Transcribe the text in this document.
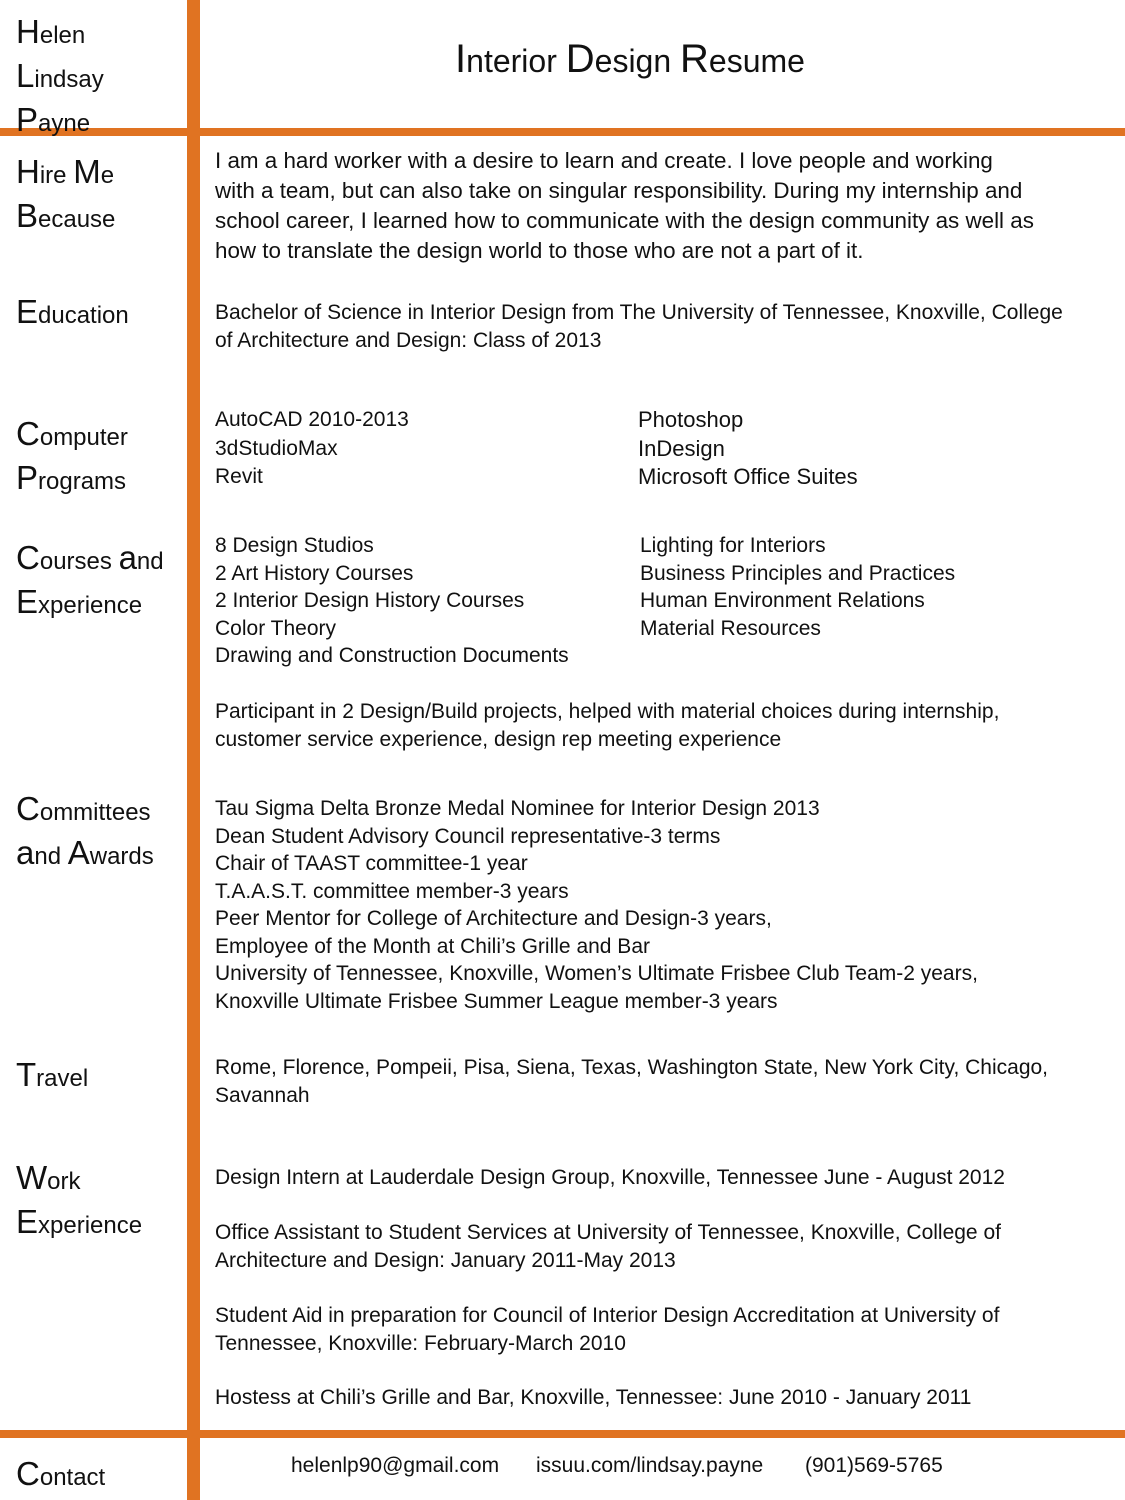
Helen
Lindsay
Payne
Interior Design Resume
Hire Me
Because
Education
Computer
Programs
Courses and
Experience
Committees
and Awards
Travel
Work
Experience
Contact
I am a hard worker with a desire to learn and create. I love people and working
with a team, but can also take on singular responsibility. During my internship and
school career, I learned how to communicate with the design community as well as
how to translate the design world to those who are not a part of it.
Bachelor of Science in Interior Design from The University of Tennessee, Knoxville, College
of Architecture and Design: Class of 2013
AutoCAD 2010-2013
3dStudioMax
Revit
Photoshop
InDesign
Microsoft Office Suites
8 Design Studios
2 Art History Courses
2 Interior Design History Courses
Color Theory
Drawing and Construction Documents
Lighting for Interiors
Business Principles and Practices
Human Environment Relations
Material Resources
Participant in 2 Design/Build projects, helped with material choices during internship,
customer service experience, design rep meeting experience
Tau Sigma Delta Bronze Medal Nominee for Interior Design 2013
Dean Student Advisory Council representative-3 terms
Chair of TAAST committee-1 year
T.A.A.S.T. committee member-3 years
Peer Mentor for College of Architecture and Design-3 years,
Employee of the Month at Chili’s Grille and Bar
University of Tennessee, Knoxville, Women’s Ultimate Frisbee Club Team-2 years,
Knoxville Ultimate Frisbee Summer League member-3 years
Rome, Florence, Pompeii, Pisa, Siena, Texas, Washington State, New York City, Chicago,
Savannah
Design Intern at Lauderdale Design Group, Knoxville, Tennessee June - August 2012
Office Assistant to Student Services at University of Tennessee, Knoxville, College of
Architecture and Design: January 2011-May 2013
Student Aid in preparation for Council of Interior Design Accreditation at University of
Tennessee, Knoxville: February-March 2010
Hostess at Chili’s Grille and Bar, Knoxville, Tennessee: June 2010 - January 2011
helenlp90@gmail.com issuu.com/lindsay.payne (901)569-5765
